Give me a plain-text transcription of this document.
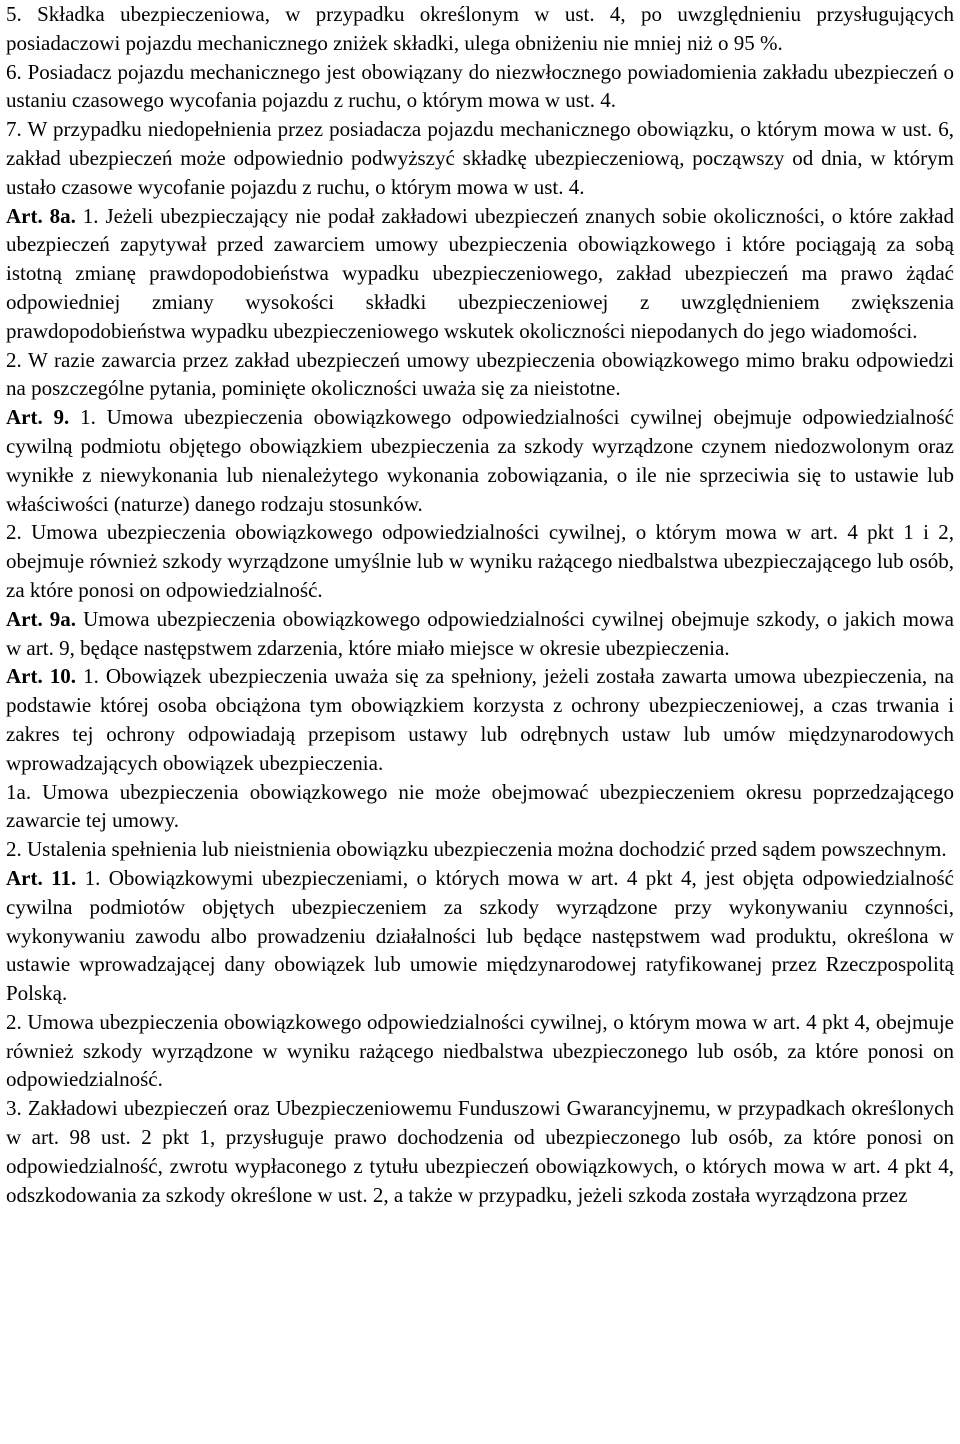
5. Składka ubezpieczeniowa, w przypadku określonym w ust. 4, po uwzględnieniu przysługujących posiadaczowi pojazdu mechanicznego zniżek składki, ulega obniżeniu nie mniej niż o 95 %.

6. Posiadacz pojazdu mechanicznego jest obowiązany do niezwłocznego powiadomienia zakładu ubezpieczeń o ustaniu czasowego wycofania pojazdu z ruchu, o którym mowa w ust. 4.

7. W przypadku niedopełnienia przez posiadacza pojazdu mechanicznego obowiązku, o którym mowa w ust. 6, zakład ubezpieczeń może odpowiednio podwyższyć składkę ubezpieczeniową, począwszy od dnia, w którym ustało czasowe wycofanie pojazdu z ruchu, o którym mowa w ust. 4.

Art. 8a. 1. Jeżeli ubezpieczający nie podał zakładowi ubezpieczeń znanych sobie okoliczności, o które zakład ubezpieczeń zapytywał przed zawarciem umowy ubezpieczenia obowiązkowego i które pociągają za sobą istotną zmianę prawdopodobieństwa wypadku ubezpieczeniowego, zakład ubezpieczeń ma prawo żądać odpowiedniej zmiany wysokości składki ubezpieczeniowej z uwzględnieniem zwiększenia prawdopodobieństwa wypadku ubezpieczeniowego wskutek okoliczności niepodanych do jego wiadomości.

2. W razie zawarcia przez zakład ubezpieczeń umowy ubezpieczenia obowiązkowego mimo braku odpowiedzi na poszczególne pytania, pominięte okoliczności uważa się za nieistotne.

Art. 9. 1. Umowa ubezpieczenia obowiązkowego odpowiedzialności cywilnej obejmuje odpowiedzialność cywilną podmiotu objętego obowiązkiem ubezpieczenia za szkody wyrządzone czynem niedozwolonym oraz wynikłe z niewykonania lub nienależytego wykonania zobowiązania, o ile nie sprzeciwia się to ustawie lub właściwości (naturze) danego rodzaju stosunków.

2. Umowa ubezpieczenia obowiązkowego odpowiedzialności cywilnej, o którym mowa w art. 4 pkt 1 i 2, obejmuje również szkody wyrządzone umyślnie lub w wyniku rażącego niedbalstwa ubezpieczającego lub osób, za które ponosi on odpowiedzialność.

Art. 9a. Umowa ubezpieczenia obowiązkowego odpowiedzialności cywilnej obejmuje szkody, o jakich mowa w art. 9, będące następstwem zdarzenia, które miało miejsce w okresie ubezpieczenia.

Art. 10. 1. Obowiązek ubezpieczenia uważa się za spełniony, jeżeli została zawarta umowa ubezpieczenia, na podstawie której osoba obciążona tym obowiązkiem korzysta z ochrony ubezpieczeniowej, a czas trwania i zakres tej ochrony odpowiadają przepisom ustawy lub odrębnych ustaw lub umów międzynarodowych wprowadzających obowiązek ubezpieczenia.

1a. Umowa ubezpieczenia obowiązkowego nie może obejmować ubezpieczeniem okresu poprzedzającego zawarcie tej umowy.

2. Ustalenia spełnienia lub nieistnienia obowiązku ubezpieczenia można dochodzić przed sądem powszechnym.

Art. 11. 1. Obowiązkowymi ubezpieczeniami, o których mowa w art. 4 pkt 4, jest objęta odpowiedzialność cywilna podmiotów objętych ubezpieczeniem za szkody wyrządzone przy wykonywaniu czynności, wykonywaniu zawodu albo prowadzeniu działalności lub będące następstwem wad produktu, określona w ustawie wprowadzającej dany obowiązek lub umowie międzynarodowej ratyfikowanej przez Rzeczpospolitą Polską.

2. Umowa ubezpieczenia obowiązkowego odpowiedzialności cywilnej, o którym mowa w art. 4 pkt 4, obejmuje również szkody wyrządzone w wyniku rażącego niedbalstwa ubezpieczonego lub osób, za które ponosi on odpowiedzialność.

3. Zakładowi ubezpieczeń oraz Ubezpieczeniowemu Funduszowi Gwarancyjnemu, w przypadkach określonych w art. 98 ust. 2 pkt 1, przysługuje prawo dochodzenia od ubezpieczonego lub osób, za które ponosi on odpowiedzialność, zwrotu wypłaconego z tytułu ubezpieczeń obowiązkowych, o których mowa w art. 4 pkt 4, odszkodowania za szkody określone w ust. 2, a także w przypadku, jeżeli szkoda została wyrządzona przez
